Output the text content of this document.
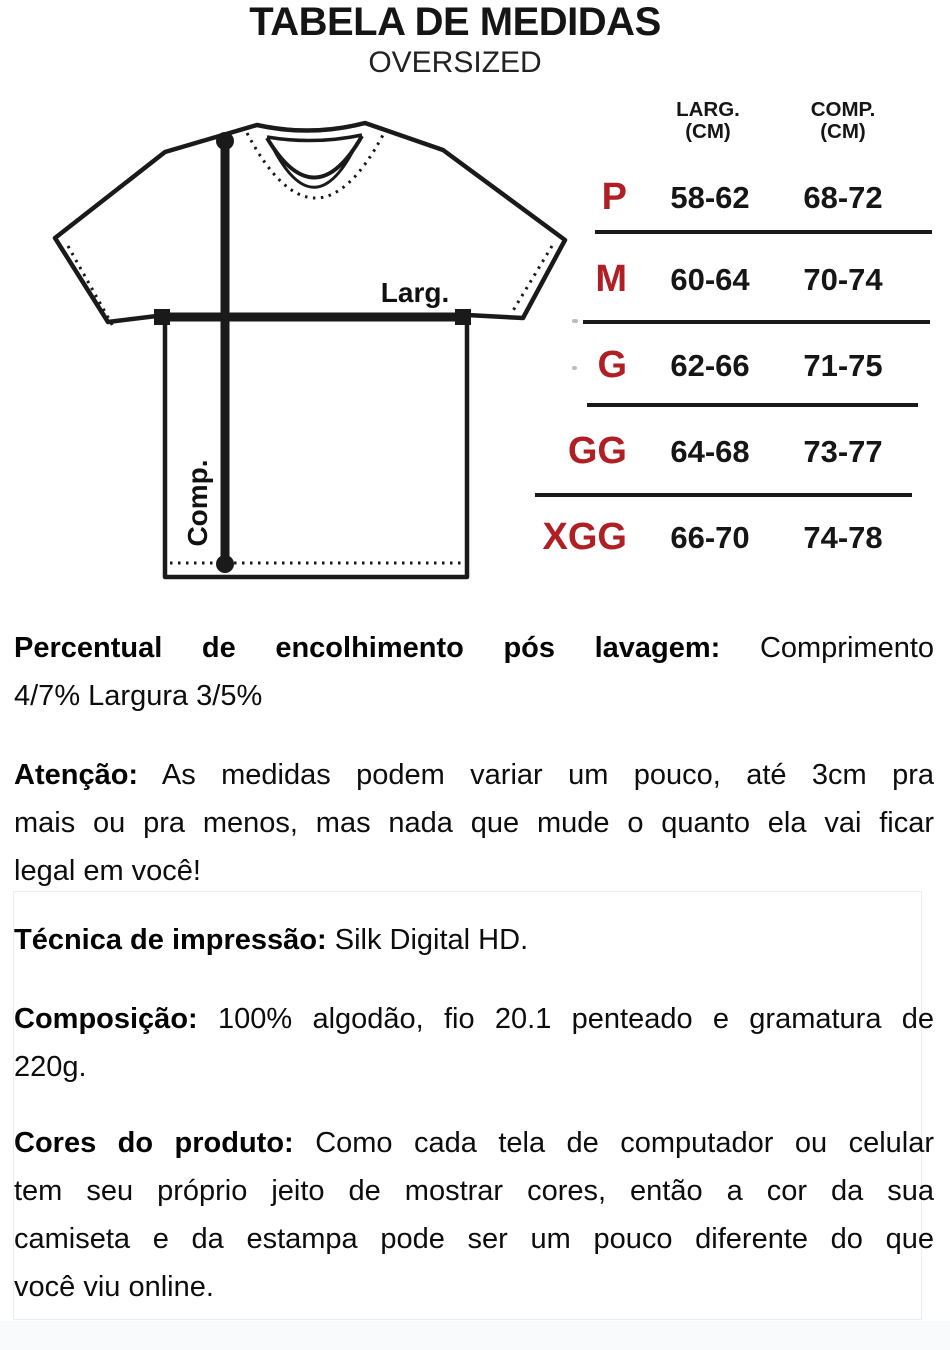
TABELA DE MEDIDAS
OVERSIZED
Larg.
Comp.
LARG.
(CM)
COMP.
(CM)
P	58-62	68-72
M	60-64	70-74
G	62-66	71-75
GG	64-68	73-77
XGG	66-70	74-78
Percentual de encolhimento pós lavagem: Comprimento
4/7% Largura 3/5%
Atenção: As medidas podem variar um pouco, até 3cm pra
mais ou pra menos, mas nada que mude o quanto ela vai ficar
legal em você!
Técnica de impressão: Silk Digital HD.
Composição: 100% algodão, fio 20.1 penteado e gramatura de
220g.
Cores do produto: Como cada tela de computador ou celular
tem seu próprio jeito de mostrar cores, então a cor da sua
camiseta e da estampa pode ser um pouco diferente do que
você viu online.
